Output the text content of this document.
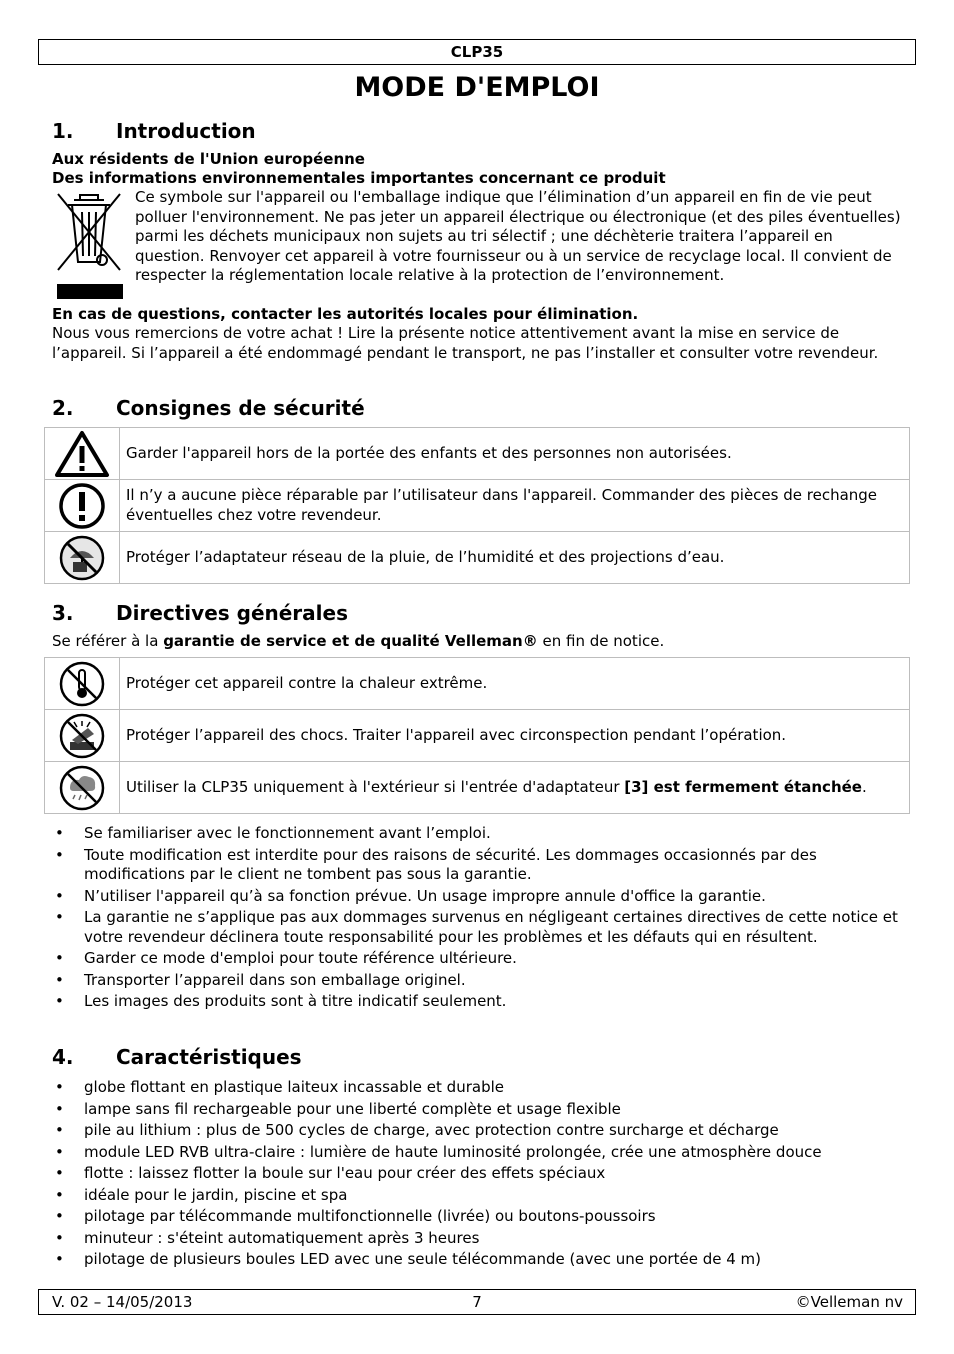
CLP35
MODE D'EMPLOI
1. Introduction
Aux résidents de l'Union européenne
Des informations environnementales importantes concernant ce produit
Ce symbole sur l'appareil ou l'emballage indique que l’élimination d’un appareil en fin de vie peut polluer l'environnement. Ne pas jeter un appareil électrique ou électronique (et des piles éventuelles) parmi les déchets municipaux non sujets au tri sélectif ; une déchèterie traitera l’appareil en question. Renvoyer cet appareil à votre fournisseur ou à un service de recyclage local. Il convient de respecter la réglementation locale relative à la protection de l’environnement.
En cas de questions, contacter les autorités locales pour élimination.
Nous vous remercions de votre achat ! Lire la présente notice attentivement avant la mise en service de l’appareil. Si l’appareil a été endommagé pendant le transport, ne pas l’installer et consulter votre revendeur.
2. Consignes de sécurité
	Garder l'appareil hors de la portée des enfants et des personnes non autorisées.

	Il n’y a aucune pièce réparable par l’utilisateur dans l'appareil. Commander des pièces de rechange éventuelles chez votre revendeur.

	Protéger l’adaptateur réseau de la pluie, de l’humidité et des projections d’eau.
3. Directives générales
Se référer à la garantie de service et de qualité Velleman® en fin de notice.
	Protéger cet appareil contre la chaleur extrême.

	Protéger l’appareil des chocs. Traiter l'appareil avec circonspection pendant l’opération.

	Utiliser la CLP35 uniquement à l'extérieur si l'entrée d'adaptateur [3] est fermement étanchée.
• Se familiariser avec le fonctionnement avant l’emploi.
• Toute modification est interdite pour des raisons de sécurité. Les dommages occasionnés par des modifications par le client ne tombent pas sous la garantie.
• N’utiliser l'appareil qu’à sa fonction prévue. Un usage impropre annule d'office la garantie.
• La garantie ne s’applique pas aux dommages survenus en négligeant certaines directives de cette notice et votre revendeur déclinera toute responsabilité pour les problèmes et les défauts qui en résultent.
• Garder ce mode d'emploi pour toute référence ultérieure.
• Transporter l’appareil dans son emballage originel.
• Les images des produits sont à titre indicatif seulement.
4. Caractéristiques
• globe flottant en plastique laiteux incassable et durable
• lampe sans fil rechargeable pour une liberté complète et usage flexible
• pile au lithium : plus de 500 cycles de charge, avec protection contre surcharge et décharge
• module LED RVB ultra-claire : lumière de haute luminosité prolongée, crée une atmosphère douce
• flotte : laissez flotter la boule sur l'eau pour créer des effets spéciaux
• idéale pour le jardin, piscine et spa
• pilotage par télécommande multifonctionnelle (livrée) ou boutons-poussoirs
• minuteur : s'éteint automatiquement après 3 heures
• pilotage de plusieurs boules LED avec une seule télécommande (avec une portée de 4 m)
V. 02 – 14/05/2013	7	©Velleman nv
